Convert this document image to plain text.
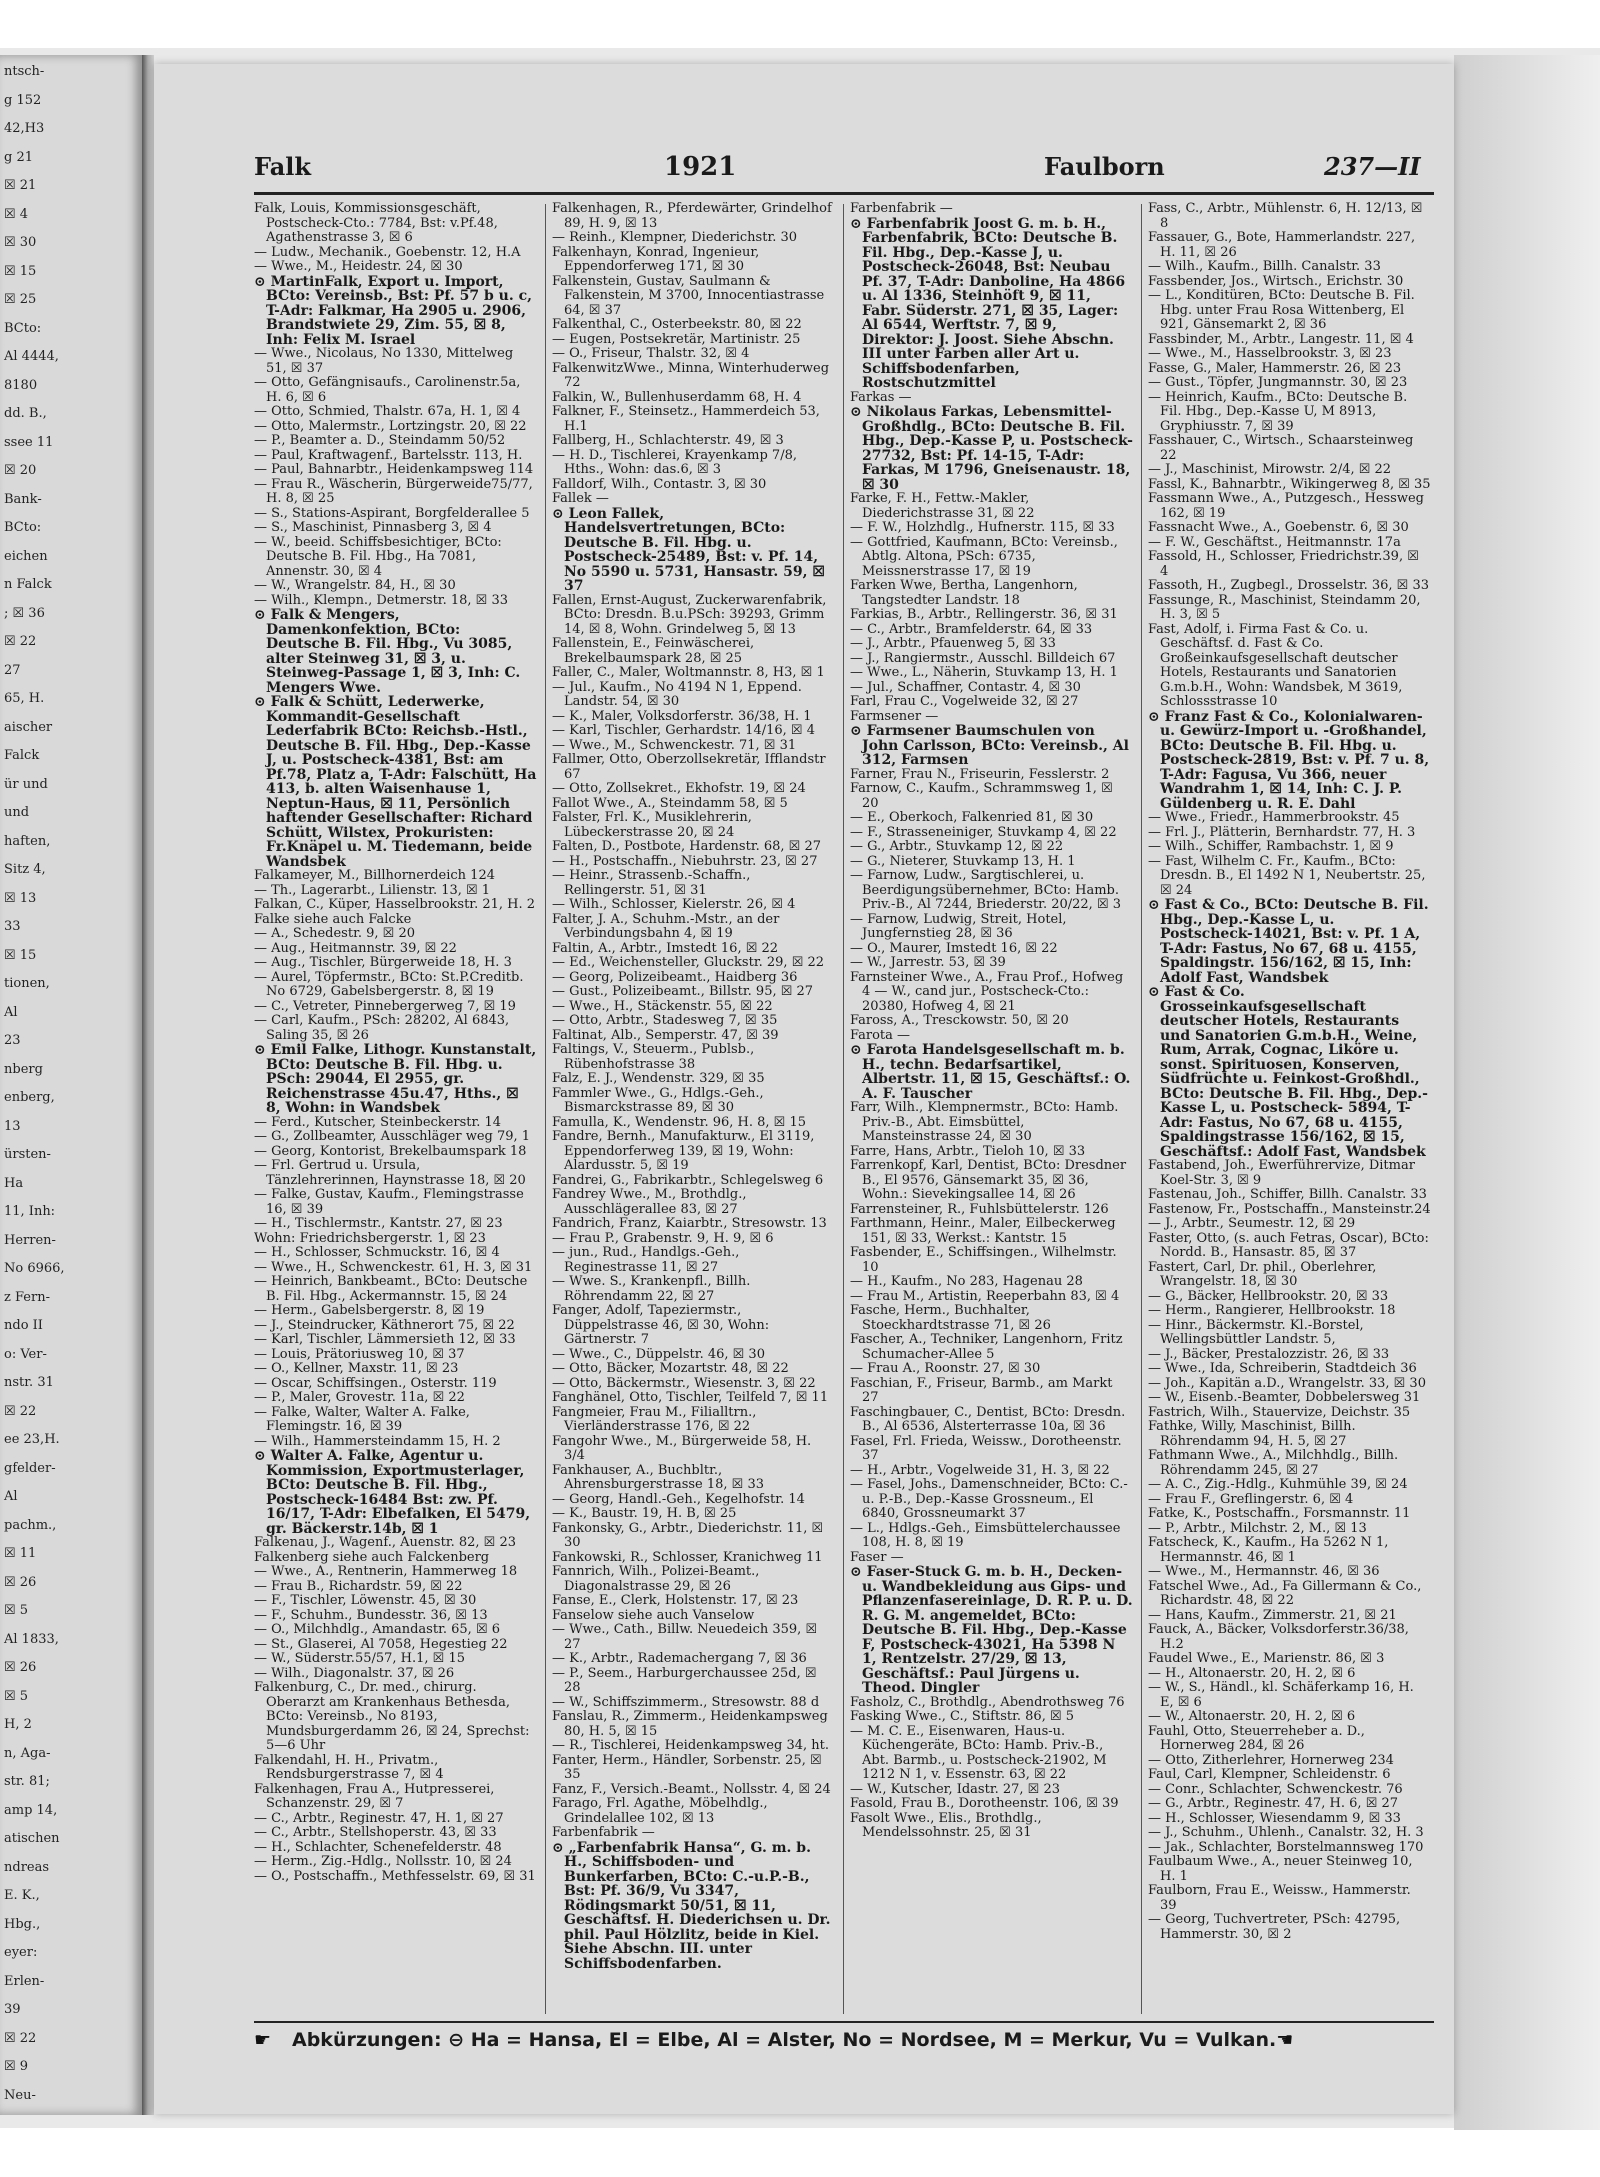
ntsch-
g 152
42,H3
g 21
☒ 21
☒ 4
☒ 30
☒ 15
☒ 25
BCto:
Al 4444,
8180
dd. B.,
ssee 11
☒ 20
Bank-
BCto:
eichen
n Falck
; ☒ 36
☒ 22
27
65, H.
aischer
Falck
ür und
und
haften,
Sitz 4,
☒ 13
33
☒ 15
tionen,
Al
23
nberg
enberg,
13
ürsten-
Ha
11, Inh:
Herren-
No 6966,
z Fern-
ndo II
o: Ver-
nstr. 31
☒ 22
ee 23,H.
gfelder-
Al
pachm.,
☒ 11
☒ 26
☒ 5
Al 1833,
☒ 26
☒ 5
H, 2
n, Aga-
str. 81;
amp 14,
atischen
ndreas
E. K.,
Hbg.,
eyer:
Erlen-
39
☒ 22
☒ 9
Neu-
Falk	1921	Faulborn	237—II

Falk, Louis, Kommissionsgeschäft, Postscheck-Cto.: 7784, Bst: v.Pf.48, Agathenstrasse 3, ☒ 6

— Ludw., Mechanik., Goebenstr. 12, H.A

— Wwe., M., Heidestr. 24, ☒ 30

⊙ MartinFalk, Export u. Import, BCto: Vereinsb., Bst: Pf. 57 b u. c, T-Adr: Falkmar, Ha 2905 u. 2906, Brandstwiete 29, Zim. 55, ☒ 8, Inh: Felix M. Israel

— Wwe., Nicolaus, No 1330, Mittelweg 51, ☒ 37

— Otto, Gefängnisaufs., Carolinenstr.5a, H. 6, ☒ 6

— Otto, Schmied, Thalstr. 67a, H. 1, ☒ 4

— Otto, Malermstr., Lortzingstr. 20, ☒ 22

— P., Beamter a. D., Steindamm 50/52

— Paul, Kraftwagenf., Bartelsstr. 113, H.

— Paul, Bahnarbtr., Heidenkampsweg 114

— Frau R., Wäscherin, Bürgerweide75/77, H. 8, ☒ 25

— S., Stations-Aspirant, Borgfelderallee 5

— S., Maschinist, Pinnasberg 3, ☒ 4

— W., beeid. Schiffsbesichtiger, BCto: Deutsche B. Fil. Hbg., Ha 7081, Annenstr. 30, ☒ 4

— W., Wrangelstr. 84, H., ☒ 30

— Wilh., Klempn., Detmerstr. 18, ☒ 33

⊙ Falk & Mengers, Damenkonfektion, BCto: Deutsche B. Fil. Hbg., Vu 3085, alter Steinweg 31, ☒ 3, u. Steinweg-Passage 1, ☒ 3, Inh: C. Mengers Wwe.

⊙ Falk & Schütt, Lederwerke, Kommandit-Gesellschaft Lederfabrik BCto: Reichsb.-Hstl., Deutsche B. Fil. Hbg., Dep.-Kasse J, u. Postscheck-4381, Bst: am Pf.78, Platz a, T-Adr: Falschütt, Ha 413, b. alten Waisenhause 1, Neptun-Haus, ☒ 11, Persönlich haftender Gesellschafter: Richard Schütt, Wilstex, Prokuristen: Fr.Knäpel u. M. Tiedemann, beide Wandsbek

Falkameyer, M., Billhornerdeich 124

— Th., Lagerarbt., Lilienstr. 13, ☒ 1

Falkan, C., Küper, Hasselbrookstr. 21, H. 2

Falke siehe auch Falcke

— A., Schedestr. 9, ☒ 20

— Aug., Heitmannstr. 39, ☒ 22

— Aug., Tischler, Bürgerweide 18, H. 3

— Aurel, Töpfermstr., BCto: St.P.Creditb. No 6729, Gabelsbergerstr. 8, ☒ 19

— C., Vetreter, Pinnebergerweg 7, ☒ 19

— Carl, Kaufm., PSch: 28202, Al 6843, Saling 35, ☒ 26

⊙ Emil Falke, Lithogr. Kunstanstalt, BCto: Deutsche B. Fil. Hbg. u. PSch: 29044, El 2955, gr. Reichenstrasse 45u.47, Hths., ☒ 8, Wohn: in Wandsbek

— Ferd., Kutscher, Steinbeckerstr. 14

— G., Zollbeamter, Ausschläger weg 79, 1

— Georg, Kontorist, Brekelbaumspark 18

— Frl. Gertrud u. Ursula, Tänzlehrerinnen, Haynstrasse 18, ☒ 20

— Falke, Gustav, Kaufm., Flemingstrasse 16, ☒ 39

— H., Tischlermstr., Kantstr. 27, ☒ 23

Wohn: Friedrichsbergerstr. 1, ☒ 23

— H., Schlosser, Schmuckstr. 16, ☒ 4

— Wwe., H., Schwenckestr. 61, H. 3, ☒ 31

— Heinrich, Bankbeamt., BCto: Deutsche B. Fil. Hbg., Ackermannstr. 15, ☒ 24

— Herm., Gabelsbergerstr. 8, ☒ 19

— J., Steindrucker, Käthnerort 75, ☒ 22

— Karl, Tischler, Lämmersieth 12, ☒ 33

— Louis, Prätoriusweg 10, ☒ 37

— O., Kellner, Maxstr. 11, ☒ 23

— Oscar, Schiffsingen., Osterstr. 119

— P., Maler, Grovestr. 11a, ☒ 22

— Falke, Walter, Walter A. Falke, Flemingstr. 16, ☒ 39

— Wilh., Hammersteindamm 15, H. 2

⊙ Walter A. Falke, Agentur u. Kommission, Exportmusterlager, BCto: Deutsche B. Fil. Hbg., Postscheck-16484 Bst: zw. Pf. 16/17, T-Adr: Elbefalken, El 5479, gr. Bäckerstr.14b, ☒ 1

Falkenau, J., Wagenf., Auenstr. 82, ☒ 23

Falkenberg siehe auch Falckenberg

— Wwe., A., Rentnerin, Hammerweg 18

— Frau B., Richardstr. 59, ☒ 22

— F., Tischler, Löwenstr. 45, ☒ 30

— F., Schuhm., Bundesstr. 36, ☒ 13

— O., Milchhdlg., Amandastr. 65, ☒ 6

— St., Glaserei, Al 7058, Hegestieg 22

— W., Süderstr.55/57, H.1, ☒ 15

— Wilh., Diagonalstr. 37, ☒ 26

Falkenburg, C., Dr. med., chirurg. Oberarzt am Krankenhaus Bethesda, BCto: Vereinsb., No 8193, Mundsburgerdamm 26, ☒ 24, Sprechst: 5—6 Uhr

Falkendahl, H. H., Privatm., Rendsburgerstrasse 7, ☒ 4

Falkenhagen, Frau A., Hutpresserei, Schanzenstr. 29, ☒ 7

— C., Arbtr., Reginestr. 47, H. 1, ☒ 27

— C., Arbtr., Stellshoperstr. 43, ☒ 33

— H., Schlachter, Schenefelderstr. 48

— Herm., Zig.-Hdlg., Nollsstr. 10, ☒ 24

— O., Postschaffn., Methfesselstr. 69, ☒ 31

Falkenhagen, R., Pferdewärter, Grindelhof 89, H. 9, ☒ 13

— Reinh., Klempner, Diederichstr. 30

Falkenhayn, Konrad, Ingenieur, Eppendorferweg 171, ☒ 30

Falkenstein, Gustav, Saulmann & Falkenstein, M 3700, Innocentiastrasse 64, ☒ 37

Falkenthal, C., Osterbeekstr. 80, ☒ 22

— Eugen, Postsekretär, Martinistr. 25

— O., Friseur, Thalstr. 32, ☒ 4

FalkenwitzWwe., Minna, Winterhuderweg 72

Falkin, W., Bullenhuserdamm 68, H. 4

Falkner, F., Steinsetz., Hammerdeich 53, H.1

Fallberg, H., Schlachterstr. 49, ☒ 3

— H. D., Tischlerei, Krayenkamp 7/8, Hths., Wohn: das.6, ☒ 3

Falldorf, Wilh., Contastr. 3, ☒ 30

Fallek —

⊙ Leon Fallek, Handelsvertretungen, BCto: Deutsche B. Fil. Hbg. u. Postscheck-25489, Bst: v. Pf. 14, No 5590 u. 5731, Hansastr. 59, ☒ 37

Fallen, Ernst-August, Zuckerwarenfabrik, BCto: Dresdn. B.u.PSch: 39293, Grimm 14, ☒ 8, Wohn. Grindelweg 5, ☒ 13

Fallenstein, E., Feinwäscherei, Brekelbaumspark 28, ☒ 25

Faller, C., Maler, Woltmannstr. 8, H3, ☒ 1

— Jul., Kaufm., No 4194 N 1, Eppend. Landstr. 54, ☒ 30

— K., Maler, Volksdorferstr. 36/38, H. 1

— Karl, Tischler, Gerhardstr. 14/16, ☒ 4

— Wwe., M., Schwenckestr. 71, ☒ 31

Fallmer, Otto, Oberzollsekretär, Ifflandstr 67

— Otto, Zollsekret., Ekhofstr. 19, ☒ 24

Fallot Wwe., A., Steindamm 58, ☒ 5

Falster, Frl. K., Musiklehrerin, Lübeckerstrasse 20, ☒ 24

Falten, D., Postbote, Hardenstr. 68, ☒ 27

— H., Postschaffn., Niebuhrstr. 23, ☒ 27

— Heinr., Strassenb.-Schaffn., Rellingerstr. 51, ☒ 31

— Wilh., Schlosser, Kielerstr. 26, ☒ 4

Falter, J. A., Schuhm.-Mstr., an der Verbindungsbahn 4, ☒ 19

Faltin, A., Arbtr., Imstedt 16, ☒ 22

— Ed., Weichensteller, Gluckstr. 29, ☒ 22

— Georg, Polizeibeamt., Haidberg 36

— Gust., Polizeibeamt., Billstr. 95, ☒ 27

— Wwe., H., Stäckenstr. 55, ☒ 22

— Otto, Arbtr., Stadesweg 7, ☒ 35

Faltinat, Alb., Semperstr. 47, ☒ 39

Faltings, V., Steuerm., Publsb., Rübenhofstrasse 38

Falz, E. J., Wendenstr. 329, ☒ 35

Fammler Wwe., G., Hdlgs.-Geh., Bismarckstrasse 89, ☒ 30

Famulla, K., Wendenstr. 96, H. 8, ☒ 15

Fandre, Bernh., Manufakturw., El 3119, Eppendorferweg 139, ☒ 19, Wohn: Alardusstr. 5, ☒ 19

Fandrei, G., Fabrikarbtr., Schlegelsweg 6

Fandrey Wwe., M., Brothdlg., Ausschlägerallee 83, ☒ 27

Fandrich, Franz, Kaiarbtr., Stresowstr. 13

— Frau P., Grabenstr. 9, H. 9, ☒ 6

— jun., Rud., Handlgs.-Geh., Reginestrasse 11, ☒ 27

— Wwe. S., Krankenpfl., Billh. Röhrendamm 22, ☒ 27

Fanger, Adolf, Tapeziermstr., Düppelstrasse 46, ☒ 30, Wohn: Gärtnerstr. 7

— Wwe., C., Düppelstr. 46, ☒ 30

— Otto, Bäcker, Mozartstr. 48, ☒ 22

— Otto, Bäckermstr., Wiesenstr. 3, ☒ 22

Fanghänel, Otto, Tischler, Teilfeld 7, ☒ 11

Fangmeier, Frau M., Filialltrn., Vierländerstrasse 176, ☒ 22

Fangohr Wwe., M., Bürgerweide 58, H. 3/4

Fankhauser, A., Buchbltr., Ahrensburgerstrasse 18, ☒ 33

— Georg, Handl.-Geh., Kegelhofstr. 14

— K., Baustr. 19, H. B, ☒ 25

Fankonsky, G., Arbtr., Diederichstr. 11, ☒ 30

Fankowski, R., Schlosser, Kranichweg 11

Fannrich, Wilh., Polizei-Beamt., Diagonalstrasse 29, ☒ 26

Fanse, E., Clerk, Holstenstr. 17, ☒ 23

Fanselow siehe auch Vanselow

— Wwe., Cath., Billw. Neuedeich 359, ☒ 27

— K., Arbtr., Rademachergang 7, ☒ 36

— P., Seem., Harburgerchaussee 25d, ☒ 28

— W., Schiffszimmerm., Stresowstr. 88 d

Fanslau, R., Zimmerm., Heidenkampsweg 80, H. 5, ☒ 15

— R., Tischlerei, Heidenkampsweg 34, ht.

Fanter, Herm., Händler, Sorbenstr. 25, ☒ 35

Fanz, F., Versich.-Beamt., Nollsstr. 4, ☒ 24

Farago, Frl. Agathe, Möbelhdlg., Grindelallee 102, ☒ 13

Farbenfabrik —

⊙ „Farbenfabrik Hansa“, G. m. b. H., Schiffsboden- und Bunkerfarben, BCto: C.-u.P.-B., Bst: Pf. 36/9, Vu 3347, Rödingsmarkt 50/51, ☒ 11, Geschäftsf. H. Diederichsen u. Dr. phil. Paul Hölzlitz, beide in Kiel. Siehe Abschn. III. unter Schiffsbodenfarben.

Farbenfabrik —

⊙ Farbenfabrik Joost G. m. b. H., Farbenfabrik, BCto: Deutsche B. Fil. Hbg., Dep.-Kasse J, u. Postscheck-26048, Bst: Neubau Pf. 37, T-Adr: Danboline, Ha 4866 u. Al 1336, Steinhöft 9, ☒ 11, Fabr. Süderstr. 271, ☒ 35, Lager: Al 6544, Werftstr. 7, ☒ 9, Direktor: J. Joost. Siehe Abschn. III unter Farben aller Art u. Schiffsbodenfarben, Rostschutzmittel

Farkas —

⊙ Nikolaus Farkas, Lebensmittel-Großhdlg., BCto: Deutsche B. Fil. Hbg., Dep.-Kasse P, u. Postscheck-27732, Bst: Pf. 14-15, T-Adr: Farkas, M 1796, Gneisenaustr. 18, ☒ 30

Farke, F. H., Fettw.-Makler, Diederichstrasse 31, ☒ 22

— F. W., Holzhdlg., Hufnerstr. 115, ☒ 33

— Gottfried, Kaufmann, BCto: Vereinsb., Abtlg. Altona, PSch: 6735, Meissnerstrasse 17, ☒ 19

Farken Wwe, Bertha, Langenhorn, Tangstedter Landstr. 18

Farkias, B., Arbtr., Rellingerstr. 36, ☒ 31

— C., Arbtr., Bramfelderstr. 64, ☒ 33

— J., Arbtr., Pfauenweg 5, ☒ 33

— J., Rangiermstr., Ausschl. Billdeich 67

— Wwe., L., Näherin, Stuvkamp 13, H. 1

— Jul., Schaffner, Contastr. 4, ☒ 30

Farl, Frau C., Vogelweide 32, ☒ 27

Farmsener —

⊙ Farmsener Baumschulen von John Carlsson, BCto: Vereinsb., Al 312, Farmsen

Farner, Frau N., Friseurin, Fesslerstr. 2

Farnow, C., Kaufm., Schrammsweg 1, ☒ 20

— E., Oberkoch, Falkenried 81, ☒ 30

— F., Strasseneiniger, Stuvkamp 4, ☒ 22

— G., Arbtr., Stuvkamp 12, ☒ 22

— G., Nieterer, Stuvkamp 13, H. 1

— Farnow, Ludw., Sargtischlerei, u. Beerdigungsübernehmer, BCto: Hamb. Priv.-B., Al 7244, Briederstr. 20/22, ☒ 3

— Farnow, Ludwig, Streit, Hotel, Jungfernstieg 28, ☒ 36

— O., Maurer, Imstedt 16, ☒ 22

— W., Jarrestr. 53, ☒ 39

Farnsteiner Wwe., A., Frau Prof., Hofweg 4 — W., cand jur., Postscheck-Cto.: 20380, Hofweg 4, ☒ 21

Faross, A., Tresckowstr. 50, ☒ 20

Farota —

⊙ Farota Handelsgesellschaft m. b. H., techn. Bedarfsartikel, Albertstr. 11, ☒ 15, Geschäftsf.: O. A. F. Tauscher

Farr, Wilh., Klempnermstr., BCto: Hamb. Priv.-B., Abt. Eimsbüttel, Mansteinstrasse 24, ☒ 30

Farre, Hans, Arbtr., Tieloh 10, ☒ 33

Farrenkopf, Karl, Dentist, BCto: Dresdner B., El 9576, Gänsemarkt 35, ☒ 36, Wohn.: Sievekingsallee 14, ☒ 26

Farrensteiner, R., Fuhlsbüttelerstr. 126

Farthmann, Heinr., Maler, Eilbeckerweg 151, ☒ 33, Werkst.: Kantstr. 15

Fasbender, E., Schiffsingen., Wilhelmstr. 10

— H., Kaufm., No 283, Hagenau 28

— Frau M., Artistin, Reeperbahn 83, ☒ 4

Fasche, Herm., Buchhalter, Stoeckhardtstrasse 71, ☒ 26

Fascher, A., Techniker, Langenhorn, Fritz Schumacher-Allee 5

— Frau A., Roonstr. 27, ☒ 30

Faschian, F., Friseur, Barmb., am Markt 27

Faschingbauer, C., Dentist, BCto: Dresdn. B., Al 6536, Alsterterrasse 10a, ☒ 36

Fasel, Frl. Frieda, Weissw., Dorotheenstr. 37

— H., Arbtr., Vogelweide 31, H. 3, ☒ 22

— Fasel, Johs., Damenschneider, BCto: C.- u. P.-B., Dep.-Kasse Grossneum., El 6840, Grossneumarkt 37

— L., Hdlgs.-Geh., Eimsbüttelerchaussee 108, H. 8, ☒ 19

Faser —

⊙ Faser-Stuck G. m. b. H., Decken- u. Wandbekleidung aus Gips- und Pflanzenfasereinlage, D. R. P. u. D. R. G. M. angemeldet, BCto: Deutsche B. Fil. Hbg., Dep.-Kasse F, Postscheck-43021, Ha 5398 N 1, Rentzelstr. 27/29, ☒ 13, Geschäftsf.: Paul Jürgens u. Theod. Dingler

Fasholz, C., Brothdlg., Abendrothsweg 76

Fasking Wwe., C., Stiftstr. 86, ☒ 5

— M. C. E., Eisenwaren, Haus-u. Küchengeräte, BCto: Hamb. Priv.-B., Abt. Barmb., u. Postscheck-21902, M 1212 N 1, v. Essenstr. 63, ☒ 22

— W., Kutscher, Idastr. 27, ☒ 23

Fasold, Frau B., Dorotheenstr. 106, ☒ 39

Fasolt Wwe., Elis., Brothdlg., Mendelssohnstr. 25, ☒ 31

Fass, C., Arbtr., Mühlenstr. 6, H. 12/13, ☒ 8

Fassauer, G., Bote, Hammerlandstr. 227, H. 11, ☒ 26

— Wilh., Kaufm., Billh. Canalstr. 33

Fassbender, Jos., Wirtsch., Erichstr. 30

— L., Konditüren, BCto: Deutsche B. Fil. Hbg. unter Frau Rosa Wittenberg, El 921, Gänsemarkt 2, ☒ 36

Fassbinder, M., Arbtr., Langestr. 11, ☒ 4

— Wwe., M., Hasselbrookstr. 3, ☒ 23

Fasse, G., Maler, Hammerstr. 26, ☒ 23

— Gust., Töpfer, Jungmannstr. 30, ☒ 23

— Heinrich, Kaufm., BCto: Deutsche B. Fil. Hbg., Dep.-Kasse U, M 8913, Gryphiusstr. 7, ☒ 39

Fasshauer, C., Wirtsch., Schaarsteinweg 22

— J., Maschinist, Mirowstr. 2/4, ☒ 22

Fassl, K., Bahnarbtr., Wikingerweg 8, ☒ 35

Fassmann Wwe., A., Putzgesch., Hessweg 162, ☒ 19

Fassnacht Wwe., A., Goebenstr. 6, ☒ 30

— F. W., Geschäftst., Heitmannstr. 17a

Fassold, H., Schlosser, Friedrichstr.39, ☒ 4

Fassoth, H., Zugbegl., Drosselstr. 36, ☒ 33

Fassunge, R., Maschinist, Steindamm 20, H. 3, ☒ 5

Fast, Adolf, i. Firma Fast & Co. u. Geschäftsf. d. Fast & Co. Großeinkaufsgesellschaft deutscher Hotels, Restaurants und Sanatorien G.m.b.H., Wohn: Wandsbek, M 3619, Schlossstrasse 10

⊙ Franz Fast & Co., Kolonialwaren- u. Gewürz-Import u. -Großhandel, BCto: Deutsche B. Fil. Hbg. u. Postscheck-2819, Bst: v. Pf. 7 u. 8, T-Adr: Fagusa, Vu 366, neuer Wandrahm 1, ☒ 14, Inh: C. J. P. Güldenberg u. R. E. Dahl

— Wwe., Friedr., Hammerbrookstr. 45

— Frl. J., Plätterin, Bernhardstr. 77, H. 3

— Wilh., Schiffer, Rambachstr. 1, ☒ 9

— Fast, Wilhelm C. Fr., Kaufm., BCto: Dresdn. B., El 1492 N 1, Neubertstr. 25, ☒ 24

⊙ Fast & Co., BCto: Deutsche B. Fil. Hbg., Dep.-Kasse L, u. Postscheck-14021, Bst: v. Pf. 1 A, T-Adr: Fastus, No 67, 68 u. 4155, Spaldingstr. 156/162, ☒ 15, Inh: Adolf Fast, Wandsbek

⊙ Fast & Co. Grosseinkaufsgesellschaft deutscher Hotels, Restaurants und Sanatorien G.m.b.H., Weine, Rum, Arrak, Cognac, Liköre u. sonst. Spirituosen, Konserven, Südfrüchte u. Feinkost-Großhdl., BCto: Deutsche B. Fil. Hbg., Dep.-Kasse L, u. Postscheck- 5894, T-Adr: Fastus, No 67, 68 u. 4155, Spaldingstrasse 156/162, ☒ 15, Geschäftsf.: Adolf Fast, Wandsbek

Fastabend, Joh., Ewerführervize, Ditmar Koel-Str. 3, ☒ 9

Fastenau, Joh., Schiffer, Billh. Canalstr. 33

Fastenow, Fr., Postschaffn., Mansteinstr.24

— J., Arbtr., Seumestr. 12, ☒ 29

Faster, Otto, (s. auch Fetras, Oscar), BCto: Nordd. B., Hansastr. 85, ☒ 37

Fastert, Carl, Dr. phil., Oberlehrer, Wrangelstr. 18, ☒ 30

— G., Bäcker, Hellbrookstr. 20, ☒ 33

— Herm., Rangierer, Hellbrookstr. 18

— Hinr., Bäckermstr. Kl.-Borstel, Wellingsbüttler Landstr. 5,

— J., Bäcker, Prestalozzistr. 26, ☒ 33

— Wwe., Ida, Schreiberin, Stadtdeich 36

— Joh., Kapitän a.D., Wrangelstr. 33, ☒ 30

— W., Eisenb.-Beamter, Dobbelersweg 31

Fastrich, Wilh., Stauervize, Deichstr. 35

Fathke, Willy, Maschinist, Billh. Röhrendamm 94, H. 5, ☒ 27

Fathmann Wwe., A., Milchhdlg., Billh. Röhrendamm 245, ☒ 27

— A. C., Zig.-Hdlg., Kuhmühle 39, ☒ 24

— Frau F., Greflingerstr. 6, ☒ 4

Fatke, K., Postschaffn., Forsmannstr. 11

— P., Arbtr., Milchstr. 2, M., ☒ 13

Fatscheck, K., Kaufm., Ha 5262 N 1, Hermannstr. 46, ☒ 1

— Wwe., M., Hermannstr. 46, ☒ 36

Fatschel Wwe., Ad., Fa Gillermann & Co., Richardstr. 48, ☒ 22

— Hans, Kaufm., Zimmerstr. 21, ☒ 21

Fauck, A., Bäcker, Volksdorferstr.36/38, H.2

Faudel Wwe., E., Marienstr. 86, ☒ 3

— H., Altonaerstr. 20, H. 2, ☒ 6

— W., S., Händl., kl. Schäferkamp 16, H. E, ☒ 6

— W., Altonaerstr. 20, H. 2, ☒ 6

Fauhl, Otto, Steuerreheber a. D., Hornerweg 284, ☒ 26

— Otto, Zitherlehrer, Hornerweg 234

Faul, Carl, Klempner, Schleidenstr. 6

— Conr., Schlachter, Schwenckestr. 76

— G., Arbtr., Reginestr. 47, H. 6, ☒ 27

— H., Schlosser, Wiesendamm 9, ☒ 33

— J., Schuhm., Uhlenh., Canalstr. 32, H. 3

— Jak., Schlachter, Borstelmannsweg 170

Faulbaum Wwe., A., neuer Steinweg 10, H. 1

Faulborn, Frau E., Weissw., Hammerstr. 39

— Georg, Tuchvertreter, PSch: 42795, Hammerstr. 30, ☒ 2

☛ Abkürzungen: ⊖ Ha = Hansa, El = Elbe, Al = Alster, No = Nordsee, M = Merkur, Vu = Vulkan.☚
